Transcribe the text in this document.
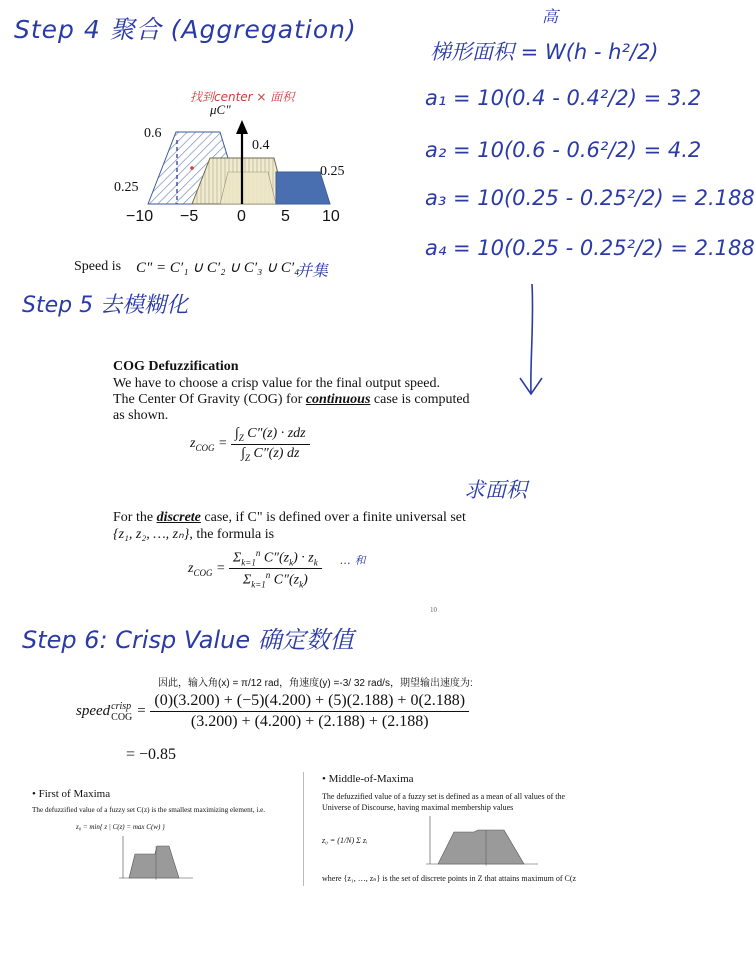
Step 4 聚合 (Aggregation)	高
梯形面积 = W(h - h²/2)
a₁ = 10(0.4 - 0.4²/2) = 3.2
a₂ = 10(0.6 - 0.6²/2) = 4.2
a₃ = 10(0.25 - 0.25²/2) = 2.188
a₄ = 10(0.25 - 0.25²/2) = 2.188
找到center × 面积
μC"
0.6
0.4
0.25
0.25
−10 −5 0 5 10
Speed is C" = C′₁ ∪ C′₂ ∪ C′₃ ∪ C′₄
并集
Step 5 去模糊化
COG Defuzzification
We have to choose a crisp value for the final output speed.
The Center Of Gravity (COG) for continuous case is computed
as shown.
$z_{COG} = \frac{\int_Z C''(z) \cdot zdz}{\int_Z C''(z) dz}$
求面积
For the discrete case, if C" is defined over a finite universal set
{z₁, z₂, …, zₙ}, the formula is
$z_{COG} = \frac{\Sigma_{k=1}^n C''(z_k) \cdot z_k}{\Sigma_{k=1}^n C''(z_k)}$ … 和
10
Step 6: Crisp Value 确定数值
因此，输入角(x) = π/12 rad，角速度(y) =-3/ 32 rad/s，期望输出速度为:
speed crisp
COG = $\frac{(0)(3.200) + (-5)(4.200) + (5)(2.188) + 0(2.188)}{(3.200) + (4.200) + (2.188) + (2.188)}$
= −0.85
• First of Maxima
The defuzzified value of a fuzzy set C(z) is the smallest maximizing element, i.e.
z₀ = min{ z | C(z) = max C(w) }
• Middle-of-Maxima
The defuzzified value of a fuzzy set is defined as a mean of all values of the
Universe of Discourse, having maximal membership values
z₀ = (1/N) Σ zᵢ
where {z₁, …, zₙ} is the set of discrete points in Z that attains maximum of C(z
